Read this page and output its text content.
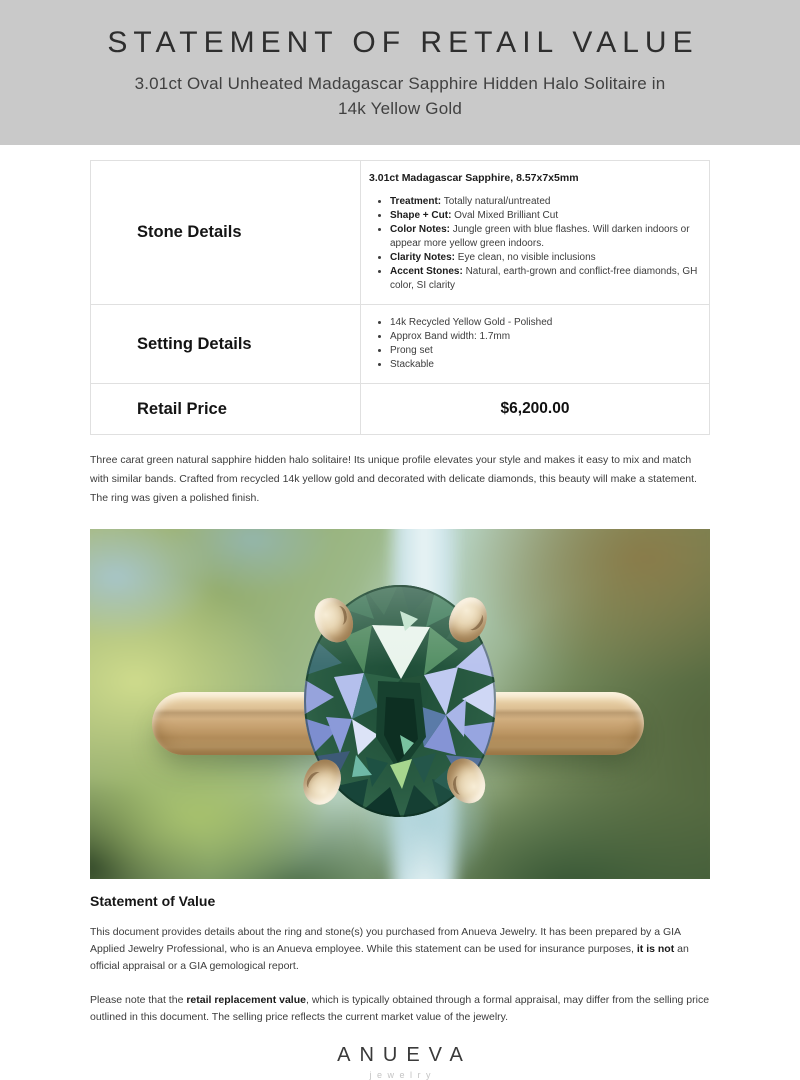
STATEMENT OF RETAIL VALUE

3.01ct Oval Unheated Madagascar Sapphire Hidden Halo Solitaire in
14k Yellow Gold

Stone Details	

3.01ct Madagascar Sapphire, 8.57x7x5mm

• Treatment: Totally natural/untreated
• Shape + Cut: Oval Mixed Brilliant Cut
• Color Notes: Jungle green with blue flashes. Will darken indoors or appear more yellow green indoors.
• Clarity Notes: Eye clean, no visible inclusions
• Accent Stones: Natural, earth-grown and conflict-free diamonds, GH color, SI clarity

Setting Details	
• 14k Recycled Yellow Gold - Polished
• Approx Band width: 1.7mm
• Prong set
• Stackable

Retail Price	$6,200.00

Three carat green natural sapphire hidden halo solitaire! Its unique profile elevates your style and makes it easy to mix and match with similar bands. Crafted from recycled 14k yellow gold and decorated with delicate diamonds, this beauty will make a statement. The ring was given a polished finish.

Statement of Value

This document provides details about the ring and stone(s) you purchased from Anueva Jewelry. It has been prepared by a GIA Applied Jewelry Professional, who is an Anueva employee. While this statement can be used for insurance purposes, it is not an official appraisal or a GIA gemological report.

Please note that the retail replacement value, which is typically obtained through a formal appraisal, may differ from the selling price outlined in this document. The selling price reflects the current market value of the jewelry.

ANUEVA
jewelry
